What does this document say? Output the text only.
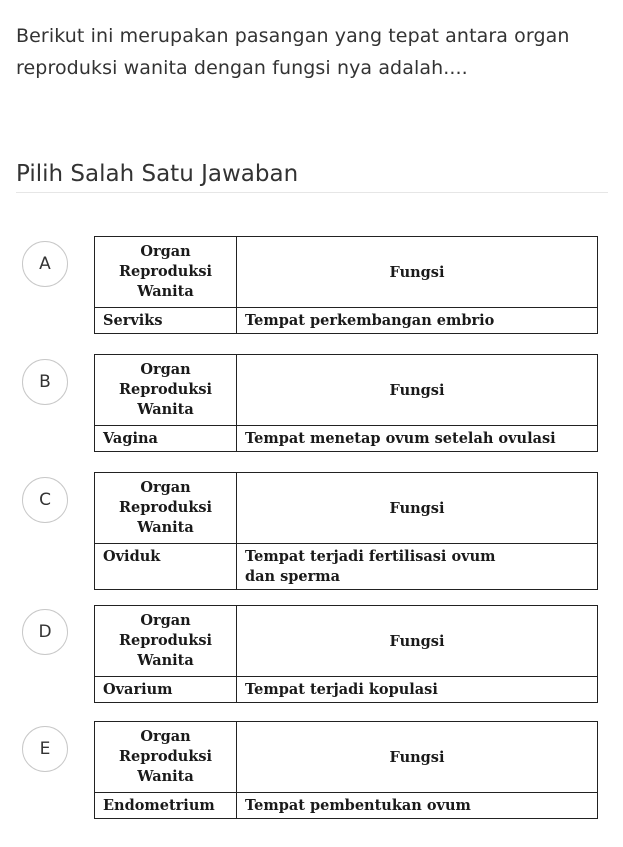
Berikut ini merupakan pasangan yang tepat antara organ reproduksi wanita dengan fungsi nya adalah....
Pilih Salah Satu Jawaban
A
Organ Reproduksi Wanita	Fungsi
Serviks	Tempat perkembangan embrio
B
Organ Reproduksi Wanita	Fungsi
Vagina	Tempat menetap ovum setelah ovulasi
C
Organ Reproduksi Wanita	Fungsi
Oviduk	Tempat terjadi fertilisasi ovum dan sperma
D
Organ Reproduksi Wanita	Fungsi
Ovarium	Tempat terjadi kopulasi
E
Organ Reproduksi Wanita	Fungsi
Endometrium	Tempat pembentukan ovum
